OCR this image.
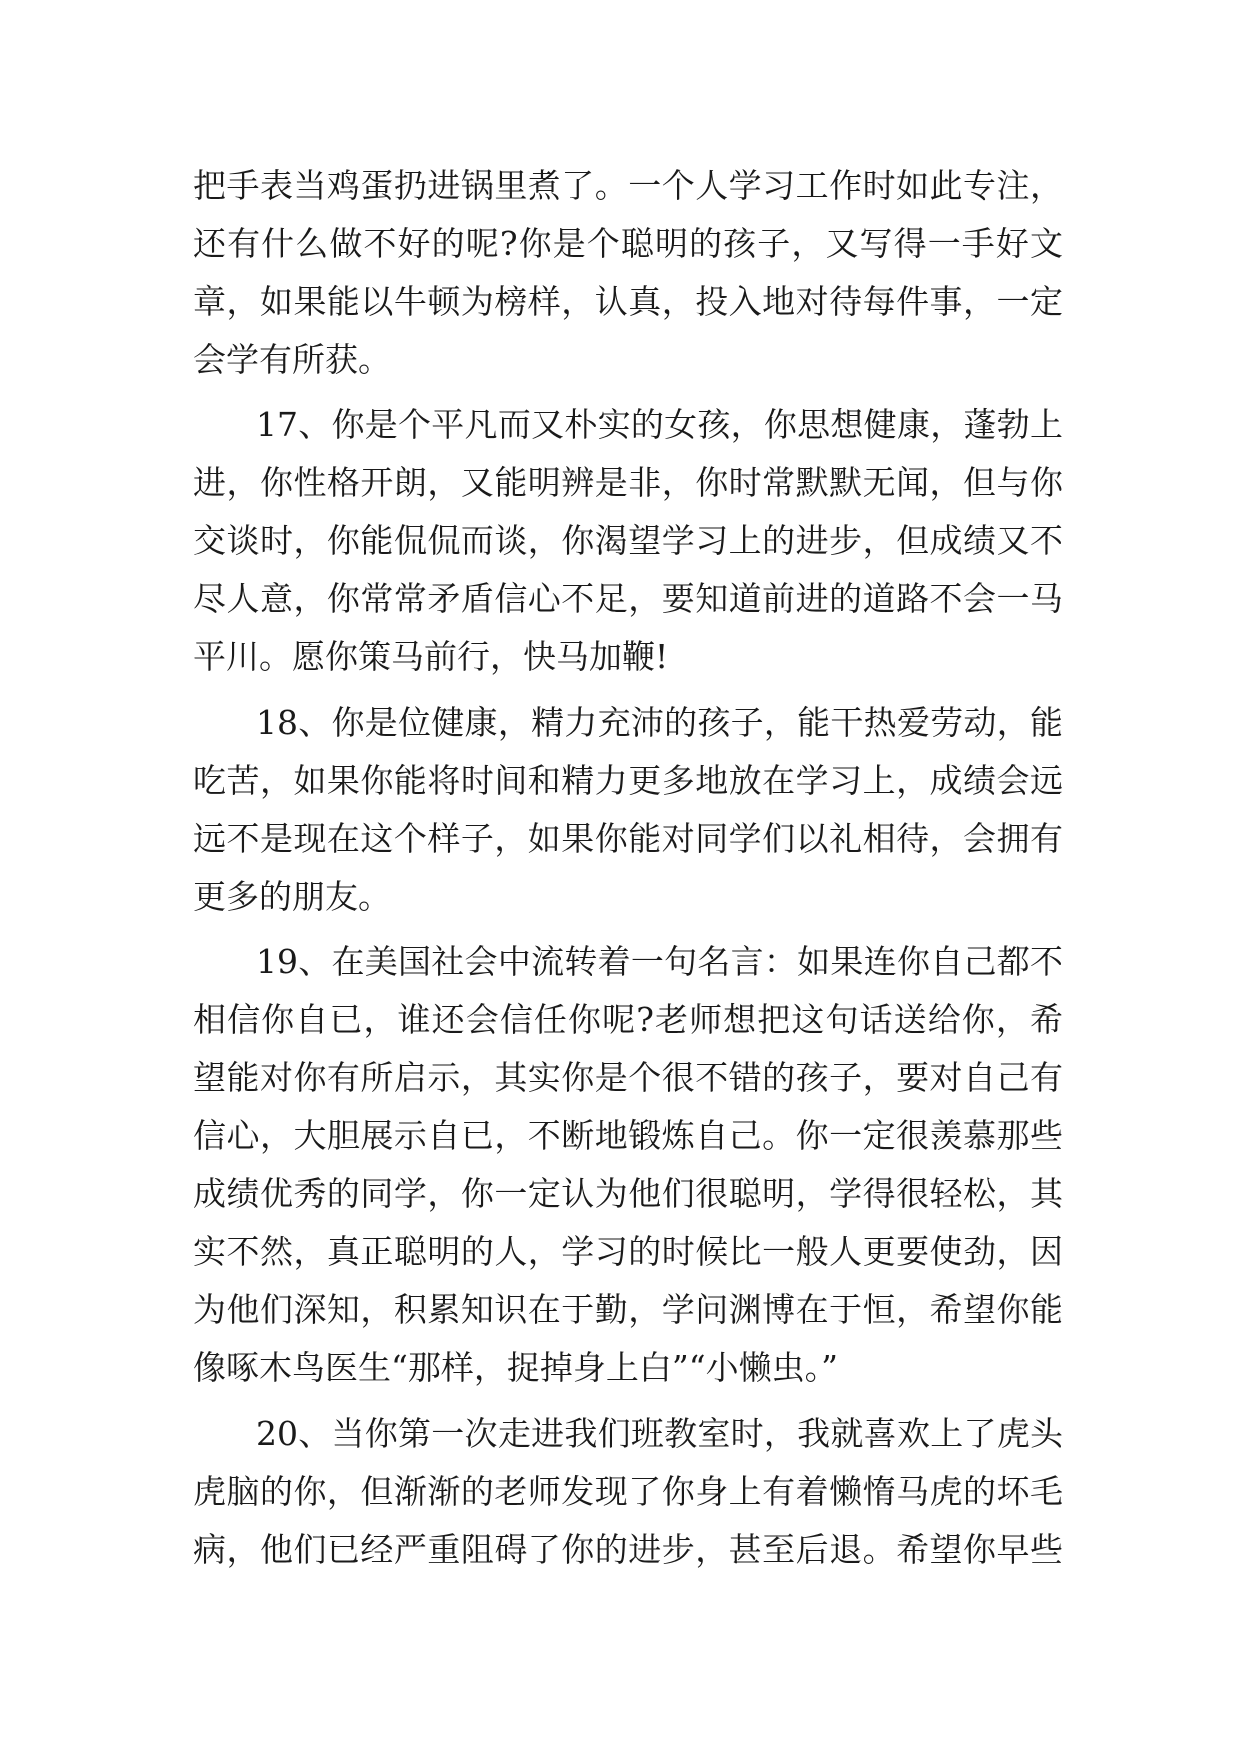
把手表当鸡蛋扔进锅里煮了。一个人学习工作时如此专注，
还有什么做不好的呢?你是个聪明的孩子，又写得一手好文
章，如果能以牛顿为榜样，认真，投入地对待每件事，一定
会学有所获。
17、你是个平凡而又朴实的女孩，你思想健康，蓬勃上
进，你性格开朗，又能明辨是非，你时常默默无闻，但与你
交谈时，你能侃侃而谈，你渴望学习上的进步，但成绩又不
尽人意，你常常矛盾信心不足，要知道前进的道路不会一马
平川。愿你策马前行，快马加鞭!
18、你是位健康，精力充沛的孩子，能干热爱劳动，能
吃苦，如果你能将时间和精力更多地放在学习上，成绩会远
远不是现在这个样子，如果你能对同学们以礼相待，会拥有
更多的朋友。
19、在美国社会中流转着一句名言：如果连你自己都不
相信你自已，谁还会信任你呢?老师想把这句话送给你，希
望能对你有所启示，其实你是个很不错的孩子，要对自己有
信心，大胆展示自已，不断地锻炼自己。你一定很羡慕那些
成绩优秀的同学，你一定认为他们很聪明，学得很轻松，其
实不然，真正聪明的人，学习的时候比一般人更要使劲，因
为他们深知，积累知识在于勤，学问渊博在于恒，希望你能
像啄木鸟医生“那样，捉掉身上白”“小懒虫。”
20、当你第一次走进我们班教室时，我就喜欢上了虎头
虎脑的你，但渐渐的老师发现了你身上有着懒惰马虎的坏毛
病，他们已经严重阻碍了你的进步，甚至后退。希望你早些
